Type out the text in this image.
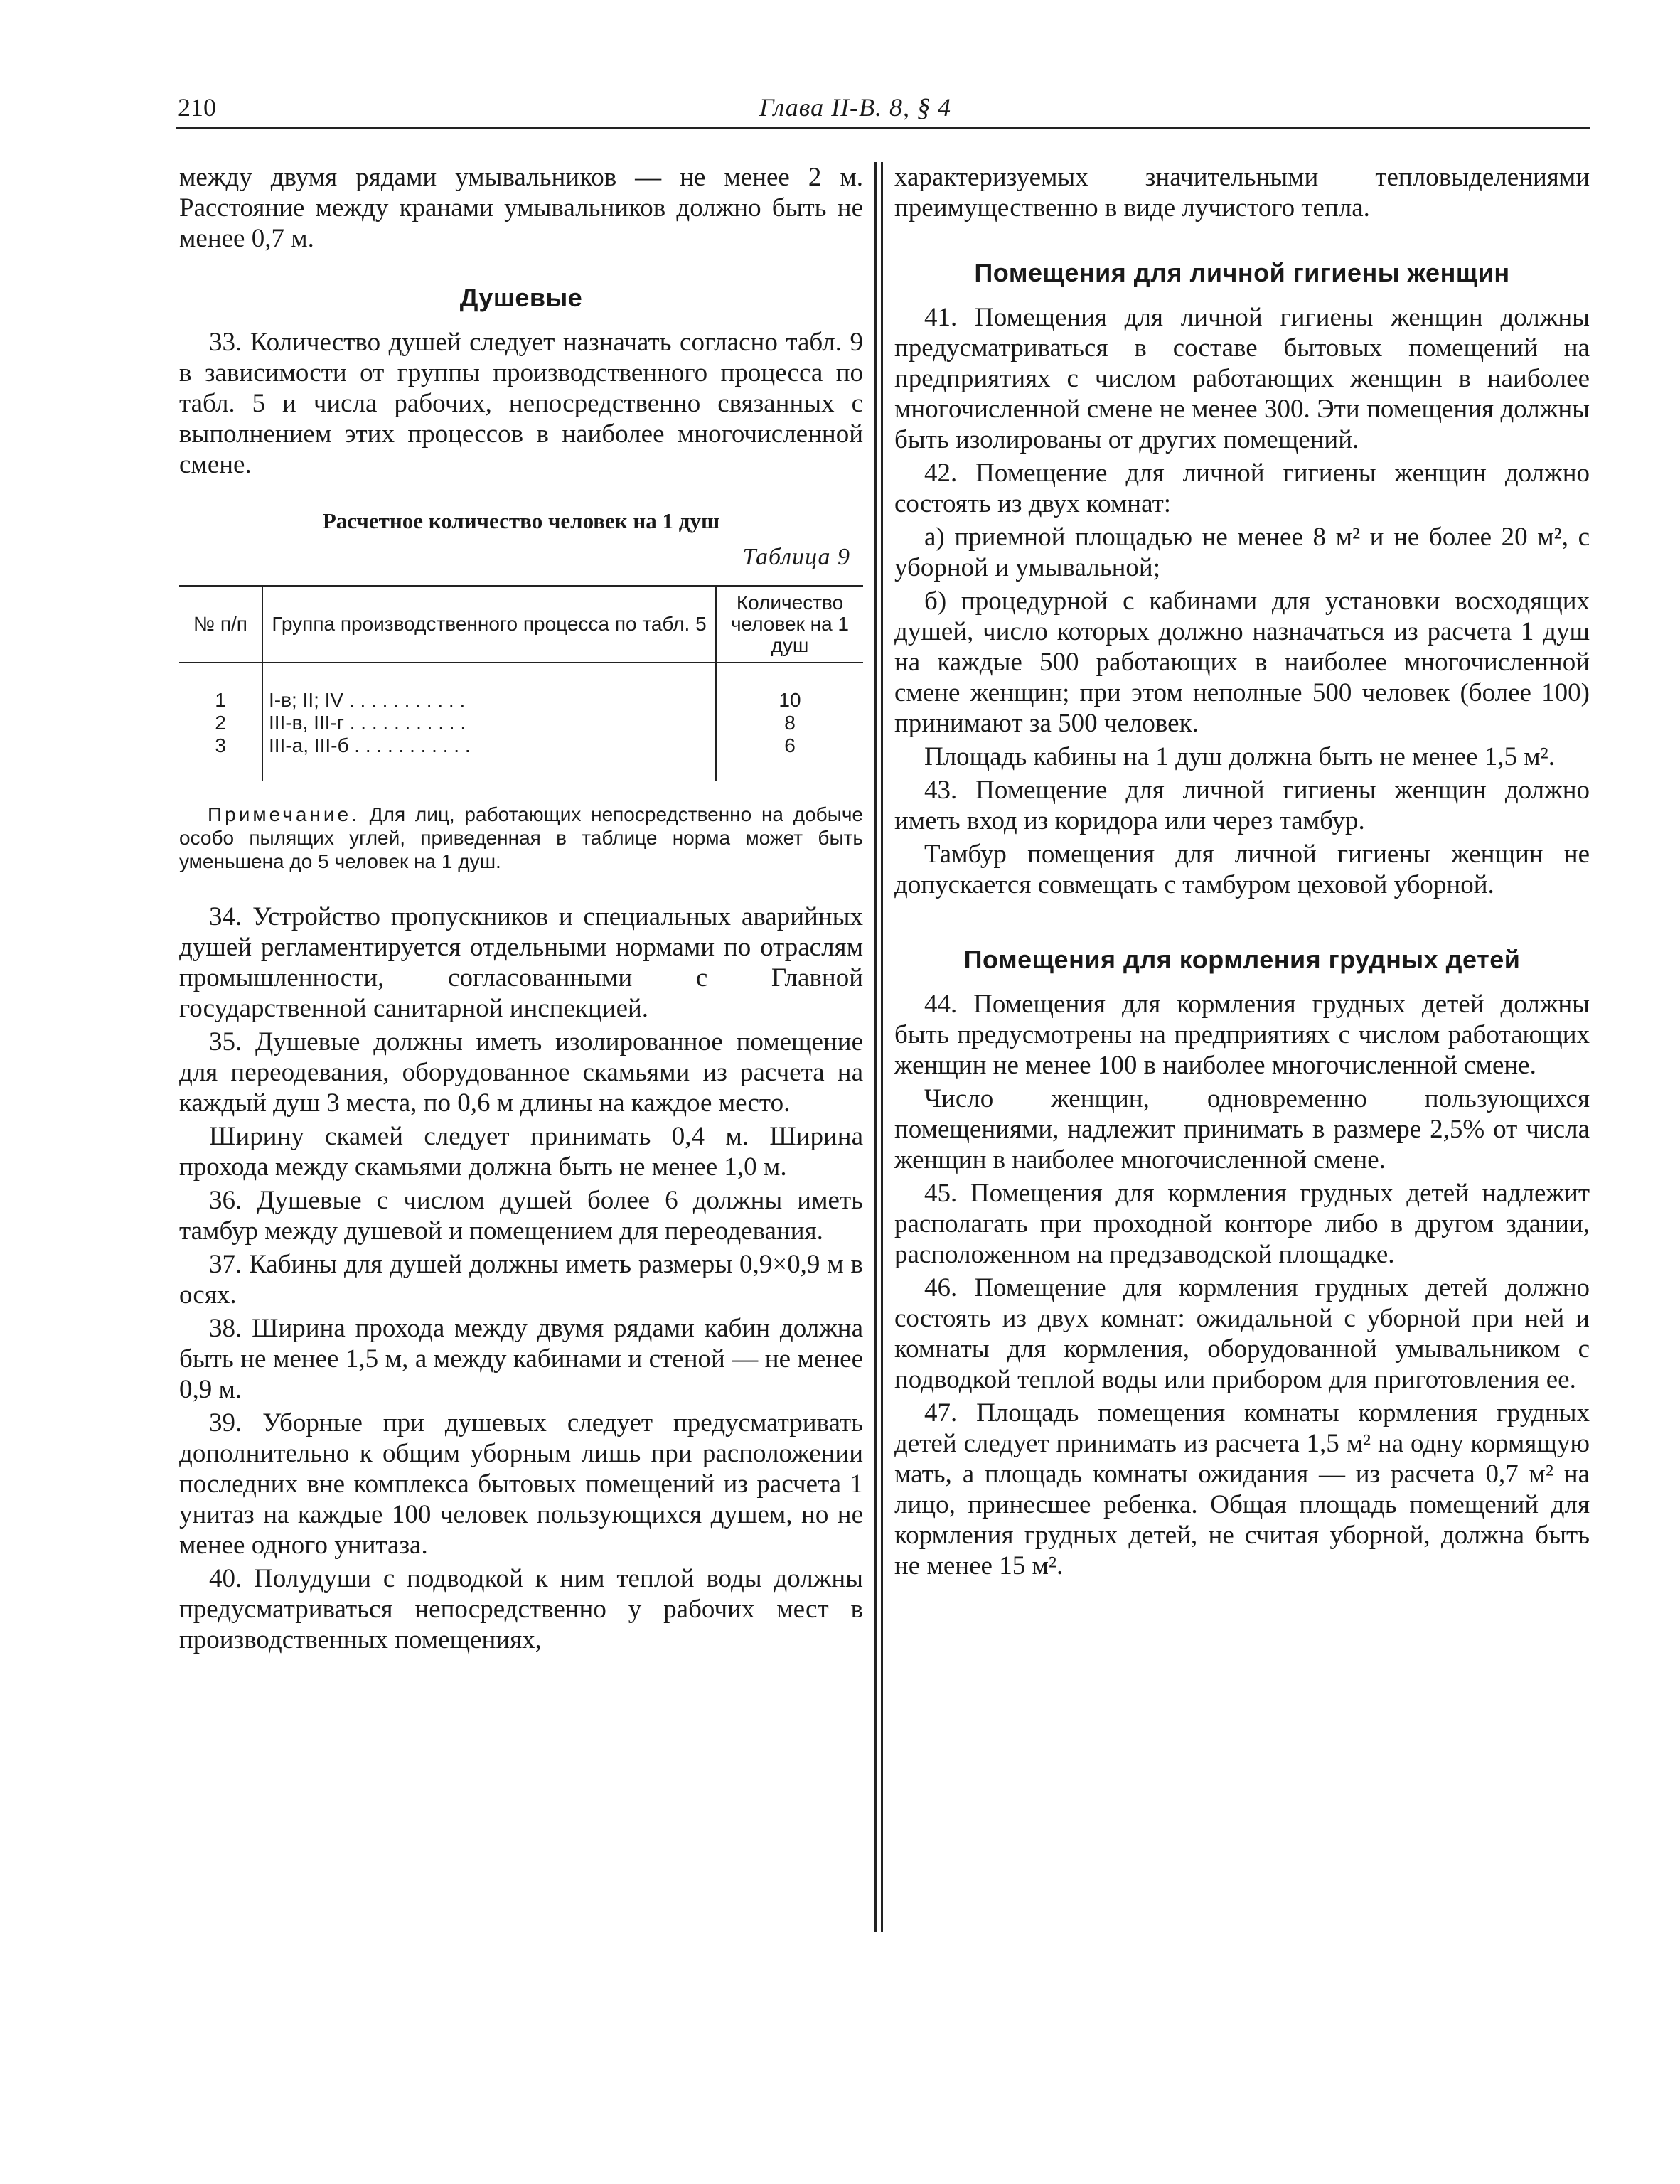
210	Глава II-В. 8, § 4

между двумя рядами умывальников — не менее 2 м. Расстояние между кранами умывальников должно быть не менее 0,7 м.

Душевые

33. Количество душей следует назначать согласно табл. 9 в зависимости от группы производственного процесса по табл. 5 и числа рабочих, непосредственно связанных с выполнением этих процессов в наиболее многочисленной смене.

Расчетное количество человек на 1 душ

Таблица 9

№ п/п	Группа производственного процесса по табл. 5	Количество человек на 1 душ
1	I-в; II; IV . . . . . . . . . . .	10
2	III-в, III-г . . . . . . . . . . .	8
3	III-а, III-б . . . . . . . . . . .	6

Примечание. Для лиц, работающих непосредственно на добыче особо пылящих углей, приведенная в таблице норма может быть уменьшена до 5 человек на 1 душ.

34. Устройство пропускников и специальных аварийных душей регламентируется отдельными нормами по отраслям промышленности, согласованными с Главной государственной санитарной инспекцией.

35. Душевые должны иметь изолированное помещение для переодевания, оборудованное скамьями из расчета на каждый душ 3 места, по 0,6 м длины на каждое место.

Ширину скамей следует принимать 0,4 м. Ширина прохода между скамьями должна быть не менее 1,0 м.

36. Душевые с числом душей более 6 должны иметь тамбур между душевой и помещением для переодевания.

37. Кабины для душей должны иметь размеры 0,9×0,9 м в осях.

38. Ширина прохода между двумя рядами кабин должна быть не менее 1,5 м, а между кабинами и стеной — не менее 0,9 м.

39. Уборные при душевых следует предусматривать дополнительно к общим уборным лишь при расположении последних вне комплекса бытовых помещений из расчета 1 унитаз на каждые 100 человек пользующихся душем, но не менее одного унитаза.

40. Полудуши с подводкой к ним теплой воды должны предусматриваться непосредственно у рабочих мест в производственных помещениях,

характеризуемых значительными тепловыделениями преимущественно в виде лучистого тепла.

Помещения для личной гигиены женщин

41. Помещения для личной гигиены женщин должны предусматриваться в составе бытовых помещений на предприятиях с числом работающих женщин в наиболее многочисленной смене не менее 300. Эти помещения должны быть изолированы от других помещений.

42. Помещение для личной гигиены женщин должно состоять из двух комнат:

а) приемной площадью не менее 8 м² и не более 20 м², с уборной и умывальной;

б) процедурной с кабинами для установки восходящих душей, число которых должно назначаться из расчета 1 душ на каждые 500 работающих в наиболее многочисленной смене женщин; при этом неполные 500 человек (более 100) принимают за 500 человек.

Площадь кабины на 1 душ должна быть не менее 1,5 м².

43. Помещение для личной гигиены женщин должно иметь вход из коридора или через тамбур.

Тамбур помещения для личной гигиены женщин не допускается совмещать с тамбуром цеховой уборной.

Помещения для кормления грудных детей

44. Помещения для кормления грудных детей должны быть предусмотрены на предприятиях с числом работающих женщин не менее 100 в наиболее многочисленной смене.

Число женщин, одновременно пользующихся помещениями, надлежит принимать в размере 2,5% от числа женщин в наиболее многочисленной смене.

45. Помещения для кормления грудных детей надлежит располагать при проходной конторе либо в другом здании, расположенном на предзаводской площадке.

46. Помещение для кормления грудных детей должно состоять из двух комнат: ожидальной с уборной при ней и комнаты для кормления, оборудованной умывальником с подводкой теплой воды или прибором для приготовления ее.

47. Площадь помещения комнаты кормления грудных детей следует принимать из расчета 1,5 м² на одну кормящую мать, а площадь комнаты ожидания — из расчета 0,7 м² на лицо, принесшее ребенка. Общая площадь помещений для кормления грудных детей, не считая уборной, должна быть не менее 15 м².
